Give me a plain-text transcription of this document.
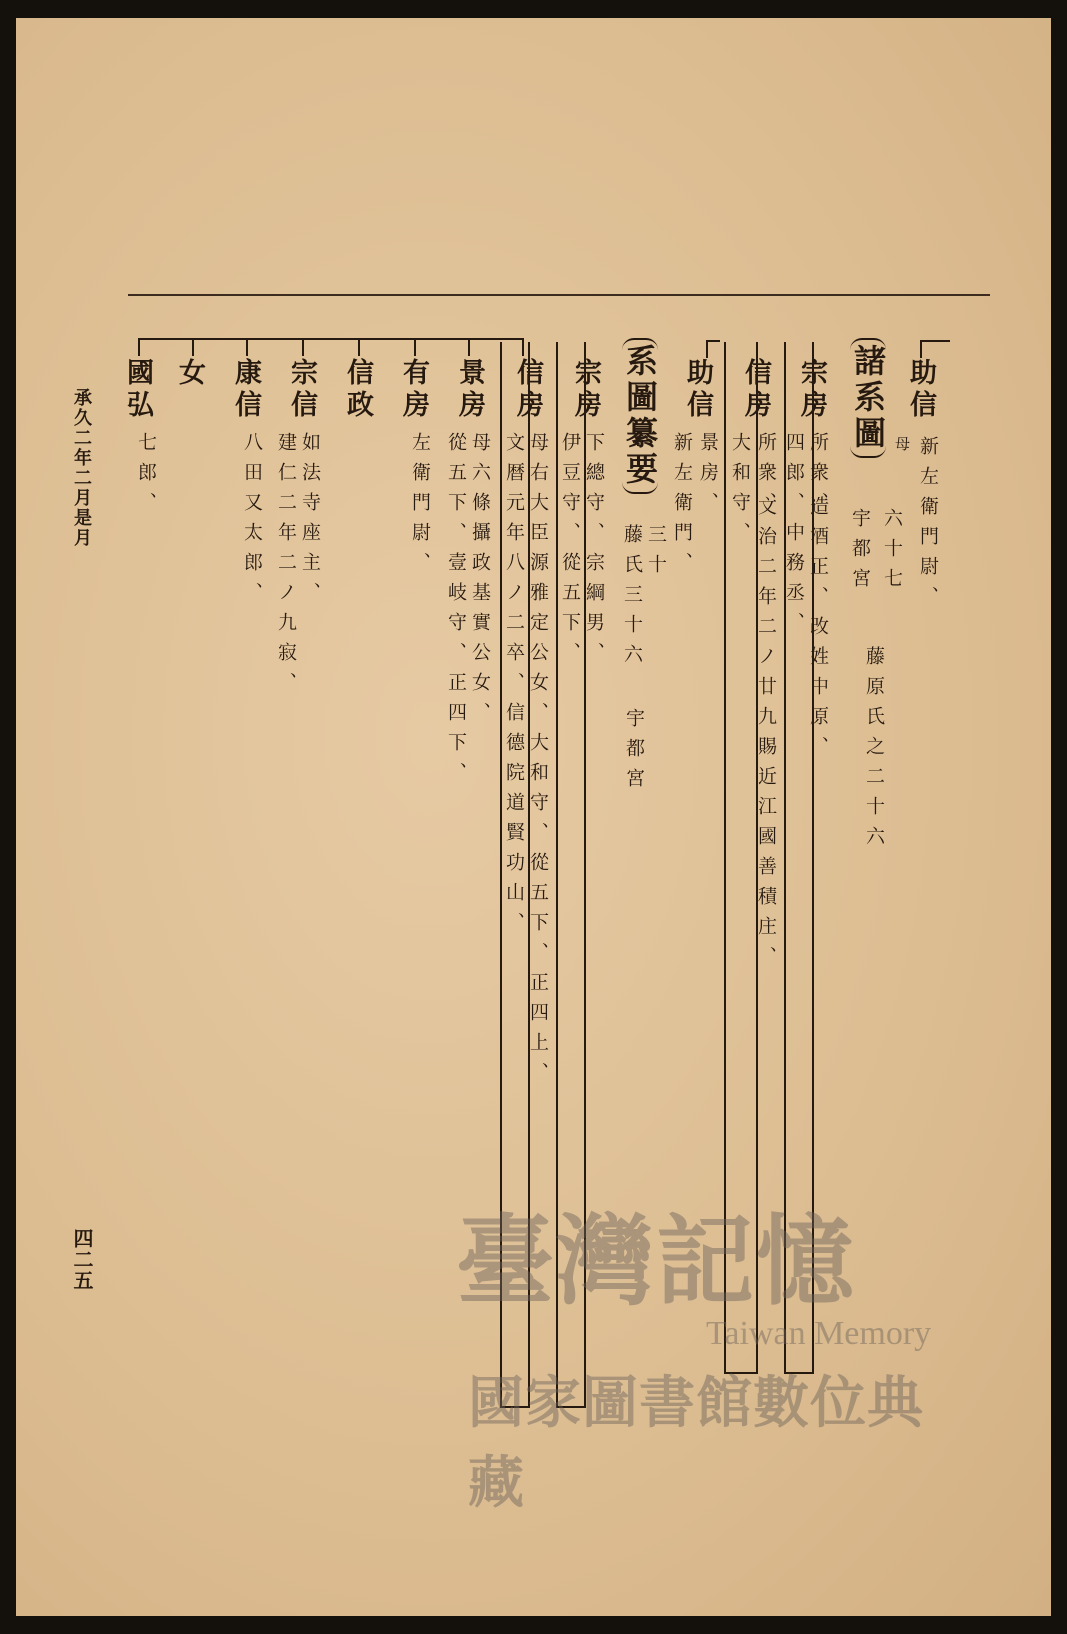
助信
母 新左衛門尉、
諸系圖
六十七
宇都宮
藤原氏之二十六
宗房
所衆、
造酒正、改姓中原、
四郎、中務丞、
信房
所衆、
文治二年二ノ廿九賜近江國善積庄、
大和守、
助信
景房、
新左衛門、
系圖纂要
三十
藤氏三十六
宇都宮
宗房
下總守、宗綱男、
伊豆守、從五下、
信房
母右大臣源雅定公女、大和守、從五下、正四上、
文暦元年八ノ二卒、信德院道賢功山、
景房
母六條攝政基實公女、
從五下、壹岐守、正四下、
有房
左衛門尉、
信政
宗信
如法寺座主、
建仁二年二ノ九寂、
康信
八田又太郎、
女
國弘
七郎、
承久二年二月是月
四二五	臺灣記憶
Taiwan Memory
國家圖書館數位典藏
